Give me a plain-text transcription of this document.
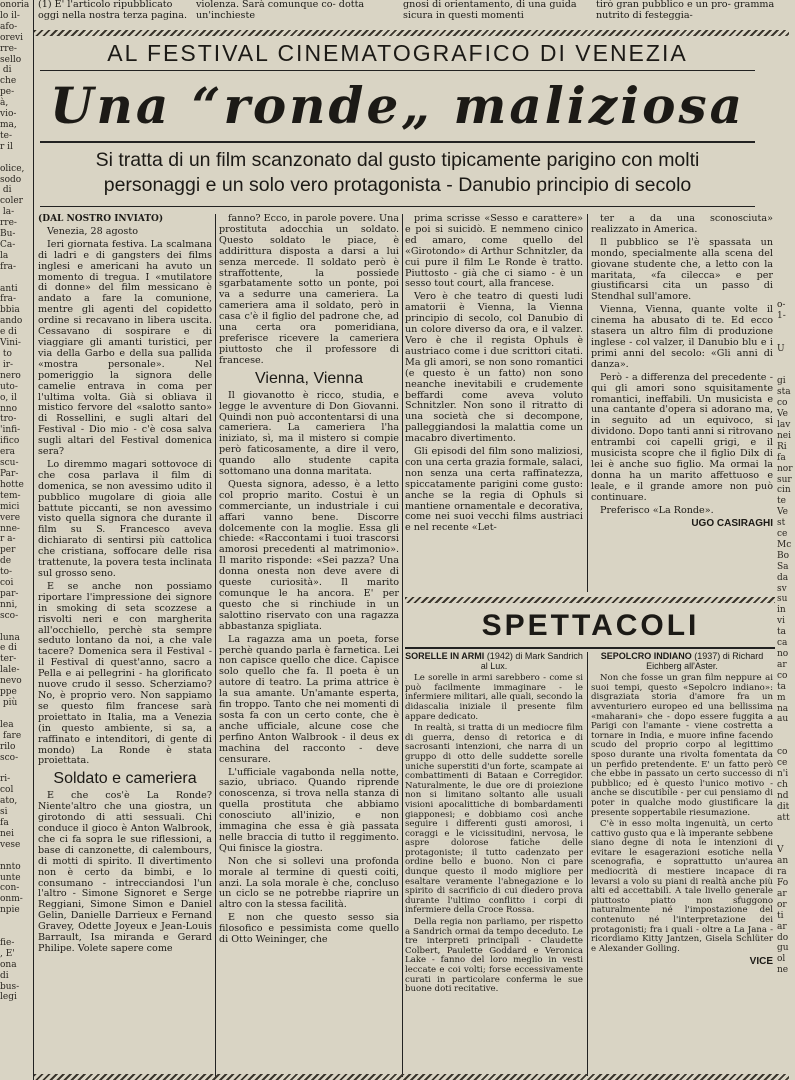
(1) E' l'articolo ripubblicato oggi nella nostra terza pagina.
violenza. Sarà comunque co- dotta un'inchieste
gnosi di orientamento, di una guida sicura in questi momenti
tirò gran pubblico e un pro- gramma nutrito di festeggia-
onoria
lo il-
afo-
orevi
rre-
sello
di
che
pe-
à,
vio-
ma,
te-
r il

olice,
sodo
di
coler
la-
rre-
Bu-
Ca-
la
fra-

anti
fra-
bbia
ando
e di
Vini-
to
ir-
nero
uto-
o, il
nno
tro-
'infi-
ifico
era
scu-
Par-
hotte
tem-
mici
vere
nne-
r a-
per
de
to-
coi
par-
nni,
sco-

luna
e di
ter-
lale-
nevo
ppe
più

lea
fare
rilo
sco-

ri-
col
ato,
si
fa
nei
vese

nnto
unte
con-
onm-
npie

fie-
, E'
ona
di
bus-
legi
o-
1-

U

gi
sta
co
Ve
lav
nei
Ri
fa
nor
sur
cin
te
Ve
st
ce
Mc
Bo
Sa
da
sv
su
in
vi
ta
ca
no
ar
co
ta
m
na
au

co
ce
n'i
ch
nd
dit
att

V
an
ra
Fo
ar
or
ti
ar
do
gu
ol
ne
AL FESTIVAL CINEMATOGRAFICO DI VENEZIA
Una “ronde„ maliziosa
Si tratta di un film scanzonato dal gusto tipicamente parigino con molti
personaggi e un solo vero protagonista - Danubio principio di secolo

(DAL NOSTRO INVIATO)

Venezia, 28 agosto

Ieri giornata festiva. La scalmana di ladri e di gangsters dei films inglesi e americani ha avuto un momento di tregua. I «mutilatore di donne» del film messicano è andato a fare la comunione, mentre gli agenti del copidetto ordine si recavano in libera uscita. Cessavano di sospirare e di viaggiare gli amanti turistici, per via della Garbo e della sua pallida «mostra personale». Nel pomeriggio la signora delle camelie entrava in coma per l'ultima volta. Già si obliava il mistico fervore del «salotto santo» di Rossellini, e sugli altari del Festival - Dio mio - c'è cosa salva sugli altari del Festival domenica sera?

Lo diremmo magari sottovoce di che cosa parlava il film di domenica, se non avessimo udito il pubblico mugolare di gioia alle battute piccanti, se non avessimo visto quella signora che durante il film su S. Francesco aveva dichiarato di sentirsi più cattolica che cristiana, soffocare delle risa trattenute, la povera testa inclinata sul grosso seno.

E se anche non possiamo riportare l'impressione dei signore in smoking di seta scozzese a risvolti neri e con margherita all'occhiello, perchè sta sempre seduto lontano da noi, a che vale tacere? Domenica sera il Festival - il Festival di quest'anno, sacro a Pella e ai pellegrini - ha glorificato nuove crudo il sesso. Scherziamo? No, è proprio vero. Non sappiamo se questo film francese sarà proiettato in Italia, ma a Venezia (in questo ambiente, si sa, a raffinato e intenditori, di gente di mondo) La Ronde è stata proiettata.

Soldato e cameriera

E che cos'è La Ronde? Niente'altro che una giostra, un girotondo di atti sessuali. Chi conduce il gioco è Anton Walbrook, che ci fa sopra le sue riflessioni, a base di canzonette, di calembours, di motti di spirito. Il divertimento non è certo da bimbi, e lo consumano - intrecciandosi l'un l'altro - Simone Signoret e Serge Reggiani, Simone Simon e Daniel Gelin, Danielle Darrieux e Fernand Gravey, Odette Joyeux e Jean-Louis Barrault, Isa miranda e Gerard Philipe. Volete sapere come

fanno? Ecco, in parole povere. Una prostituta adocchia un soldato. Questo soldato le piace, è addirittura disposta a darsi a lui senza mercede. Il soldato però è straffottente, la possiede sgarbatamente sotto un ponte, poi va a sedurre una cameriera. La cameriera ama il soldato, però in casa c'è il figlio del padrone che, ad una certa ora pomeridiana, preferisce ricevere la cameriera piuttosto che il professore di francese.

Vienna, Vienna

Il giovanotto è ricco, studia, e legge le avventure di Don Giovanni. Quindi non può accontentarsi di una cameriera. La cameriera l'ha iniziato, sì, ma il mistero si compie però faticosamente, a dire il vero, quando allo studente capita sottomano una donna maritata.

Questa signora, adesso, è a letto col proprio marito. Costui è un commerciante, un industriale i cui affari vanno bene. Discorre dolcemente con la moglie. Essa gli chiede: «Raccontami i tuoi trascorsi amorosi precedenti al matrimonio». Il marito risponde: «Sei pazza? Una donna onesta non deve avere di queste curiosità». Il marito comunque le ha ancora. E' per questo che si rinchiude in un salottino riservato con una ragazza abbastanza spigliata.

La ragazza ama un poeta, forse perchè quando parla è farnetica. Lei non capisce quello che dice. Capisce solo quello che fa. Il poeta è un autore di teatro. La prima attrice è la sua amante. Un'amante esperta, fin troppo. Tanto che nei momenti di sosta fa con un certo conte, che è anche ufficiale, alcune cose che perfino Anton Walbrook - il deus ex machina del racconto - deve censurare.

L'ufficiale vagabonda nella notte, sazio, ubriaco. Quando riprende conoscenza, si trova nella stanza di quella prostituta che abbiamo conosciuto all'inizio, e non immagina che essa è già passata nelle braccia di tutto il reggimento. Qui finisce la giostra.

Non che si sollevi una profonda morale al termine di questi coiti, anzi. La sola morale è che, concluso un ciclo se ne potrebbe riaprire un altro con la stessa facilità.

E non che questo sesso sia filosofico e pessimista come quello di Otto Weininger, che

prima scrisse «Sesso e carattere» e poi si suicidò. E nemmeno cinico ed amaro, come quello del «Girotondo» di Arthur Schnitzler, da cui pure il film Le Ronde è tratto. Piuttosto - già che ci siamo - è un sesso tout court, alla francese.

Vero è che teatro di questi ludi amatorii è Vienna, la Vienna principio di secolo, col Danubio di un colore diverso da ora, e il valzer. Vero è che il regista Ophuls è austriaco come i due scrittori citati. Ma gli amori, se non sono romantici (e questo è un fatto) non sono neanche inevitabili e crudemente beffardi come aveva voluto Schnitzler. Non sono il ritratto di una società che si decompone, palleggiandosi la malattia come un macabro divertimento.

Gli episodi del film sono maliziosi, con una certa grazia formale, salaci, non senza una certa raffinatezza, spiccatamente parigini come gusto: anche se la regia di Ophuls si mantiene ornamentale e decorativa, come nei suoi vecchi films austriaci e nel recente «Let-

ter a da una sconosciuta» realizzato in America.

Il pubblico se l'è spassata un mondo, specialmente alla scena del giovane studente che, a letto con la maritata, «fa cilecca» e per giustificarsi cita un passo di Stendhal sull'amore.

Vienna, Vienna, quante volte il cinema ha abusato di te. Ed ecco stasera un altro film di produzione inglese - col valzer, il Danubio blu e i primi anni del secolo: «Gli anni di danza».

Però - a differenza del precedente - qui gli amori sono squisitamente romantici, ineffabili. Un musicista e una cantante d'opera si adorano ma, in seguito ad un equivoco, si dividono. Dopo tanti anni si ritrovano entrambi coi capelli grigi, e il musicista scopre che il figlio Dilx di lei è anche suo figlio. Ma ormai la donna ha un marito affettuoso e leale, e il grande amore non può continuare.

Preferisco «La Ronde».

UGO CASIRAGHI
SPETTACOLI

SORELLE IN ARMI (1942) di Mark Sandrich al Lux.

Le sorelle in armi sarebbero - come si può facilmente immaginare - le infermiere militari, alle quali, secondo la didascalia iniziale il presente film appare dedicato.

In realtà, si tratta di un mediocre film di guerra, denso di retorica e di sacrosanti intenzioni, che narra di un gruppo di otto delle suddette sorelle uniche superstiti d'un forte, scampate ai combattimenti di Bataan e Corregidor. Naturalmente, le due ore di proiezione non si limitano soltanto alle usuali visioni apocalittiche di bombardamenti giapponesi; e dobbiamo così anche seguire i differenti gusti amorosi, i coraggi e le vicissitudini, nervosa, le aspre dolorose fatiche delle protagoniste; il tutto cadenzato per ordine bello e buono. Non ci pare dunque questo il modo migliore per esaltare veramente l'abnegazione e lo spirito di sacrificio di cui diedero prova durante l'ultimo conflitto i corpi di infermiere della Croce Rossa.

Della regia non parliamo, per rispetto a Sandrich ormai da tempo deceduto. Le tre interpreti principali - Claudette Colbert, Paulette Goddard e Veronica Lake - fanno del loro meglio in vesti leccate e coi volti; forse eccessivamente curati in particolare conferma le sue buone doti recitative.

SEPOLCRO INDIANO (1937) di Richard Eichberg all'Aster.

Non che fosse un gran film neppure ai suoi tempi, questo «Sepolcro indiano»: disgraziata storia d'amore fra un avventuriero europeo ed una bellissima «maharani» che - dopo essere fuggita a Parigi con l'amante - viene costretta a tornare in India, e muore infine facendo scudo del proprio corpo al legittimo sposo durante una rivolta fomentata da un perfido pretendente. E' un fatto però che ebbe in passato un certo successo di pubblico; ed è questo l'unico motivo - anche se discutibile - per cui pensiamo di poter in qualche modo giustificare la presente soppertabile riesumazione.

C'è in esso molta ingenuità, un certo cattivo gusto qua e là imperante sebbene siano degne di nota le intenzioni di evitare le esagerazioni esotiche nella scenografia, e soprattutto un'aurea mediocrità di mestiere incapace di levarsi a volo su piani di realtà anche più alti ed accettabili. A tale livello generale piuttosto piatto non sfuggono naturalmente né l'impostazione del contenuto né l'interpretazione dei protagonisti; fra i quali - oltre a La Jana - ricordiamo Kitty Jantzen, Gisela Schlüter e Alexander Golling.

VICE
